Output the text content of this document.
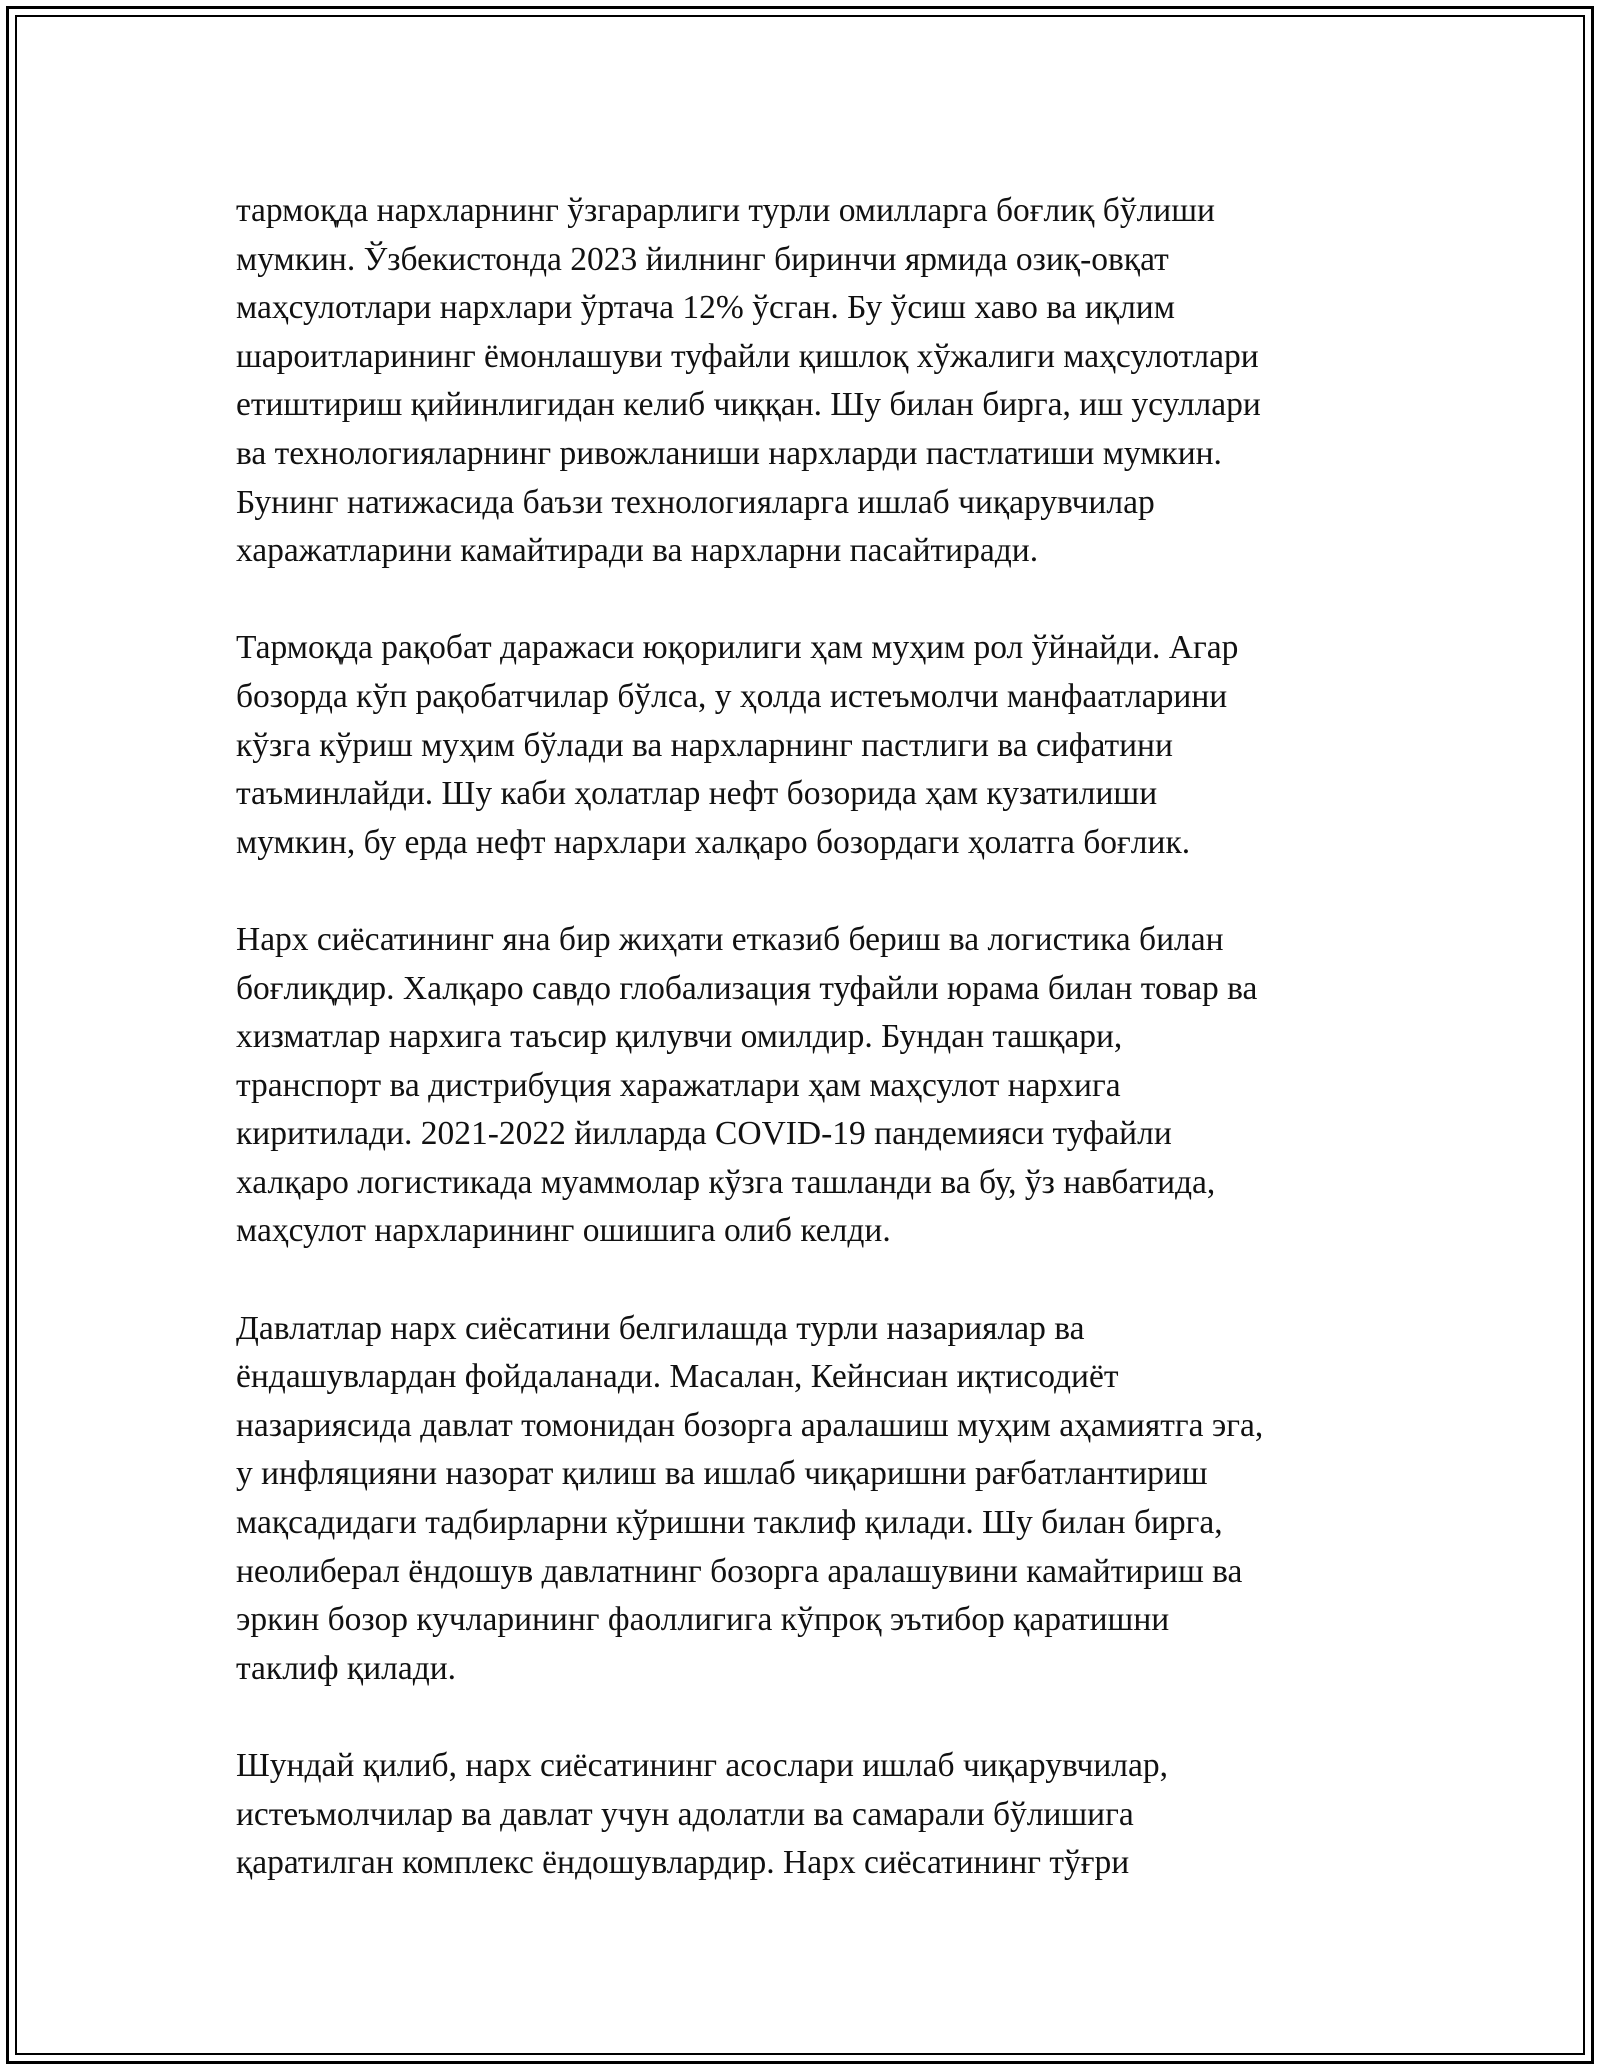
тармоқда нархларнинг ўзгарарлиги турли омилларга боғлиқ бўлиши
мумкин. Ўзбекистонда 2023 йилнинг биринчи ярмида озиқ-овқат
маҳсулотлари нархлари ўртача 12% ўсган. Бу ўсиш хаво ва иқлим
шароитларининг ёмонлашуви туфайли қишлоқ хўжалиги маҳсулотлари
етиштириш қийинлигидан келиб чиққан. Шу билан бирга, иш усуллари
ва технологияларнинг ривожланиши нархларди пастлатиши мумкин.
Бунинг натижасида баъзи технологияларга ишлаб чиқарувчилар
харажатларини камайтиради ва нархларни пасайтиради.

Тармоқда рақобат даражаси юқорилиги ҳам муҳим рол ўйнайди. Агар
бозорда кўп рақобатчилар бўлса, у ҳолда истеъмолчи манфаатларини
кўзга кўриш муҳим бўлади ва нархларнинг пастлиги ва сифатини
таъминлайди. Шу каби ҳолатлар нефт бозорида ҳам кузатилиши
мумкин, бу ерда нефт нархлари халқаро бозордаги ҳолатга боғлик.

Нарх сиёсатининг яна бир жиҳати етказиб бериш ва логистика билан
боғлиқдир. Халқаро савдо глобализация туфайли юрама билан товар ва
хизматлар нархига таъсир қилувчи омилдир. Бундан ташқари,
транспорт ва дистрибуция харажатлари ҳам маҳсулот нархига
киритилади. 2021-2022 йилларда COVID-19 пандемияси туфайли
халқаро логистикада муаммолар кўзга ташланди ва бу, ўз навбатида,
маҳсулот нархларининг ошишига олиб келди.

Давлатлар нарх сиёсатини белгилашда турли назариялар ва
ёндашувлардан фойдаланади. Масалан, Кейнсиан иқтисодиёт
назариясида давлат томонидан бозорга аралашиш муҳим аҳамиятга эга,
у инфляцияни назорат қилиш ва ишлаб чиқаришни рағбатлантириш
мақсадидаги тадбирларни кўришни таклиф қилади. Шу билан бирга,
неолиберал ёндошув давлатнинг бозорга аралашувини камайтириш ва
эркин бозор кучларининг фаоллигига кўпроқ эътибор қаратишни
таклиф қилади.

Шундай қилиб, нарх сиёсатининг асослари ишлаб чиқарувчилар,
истеъмолчилар ва давлат учун адолатли ва самарали бўлишига
қаратилган комплекс ёндошувлардир. Нарх сиёсатининг тўғри
